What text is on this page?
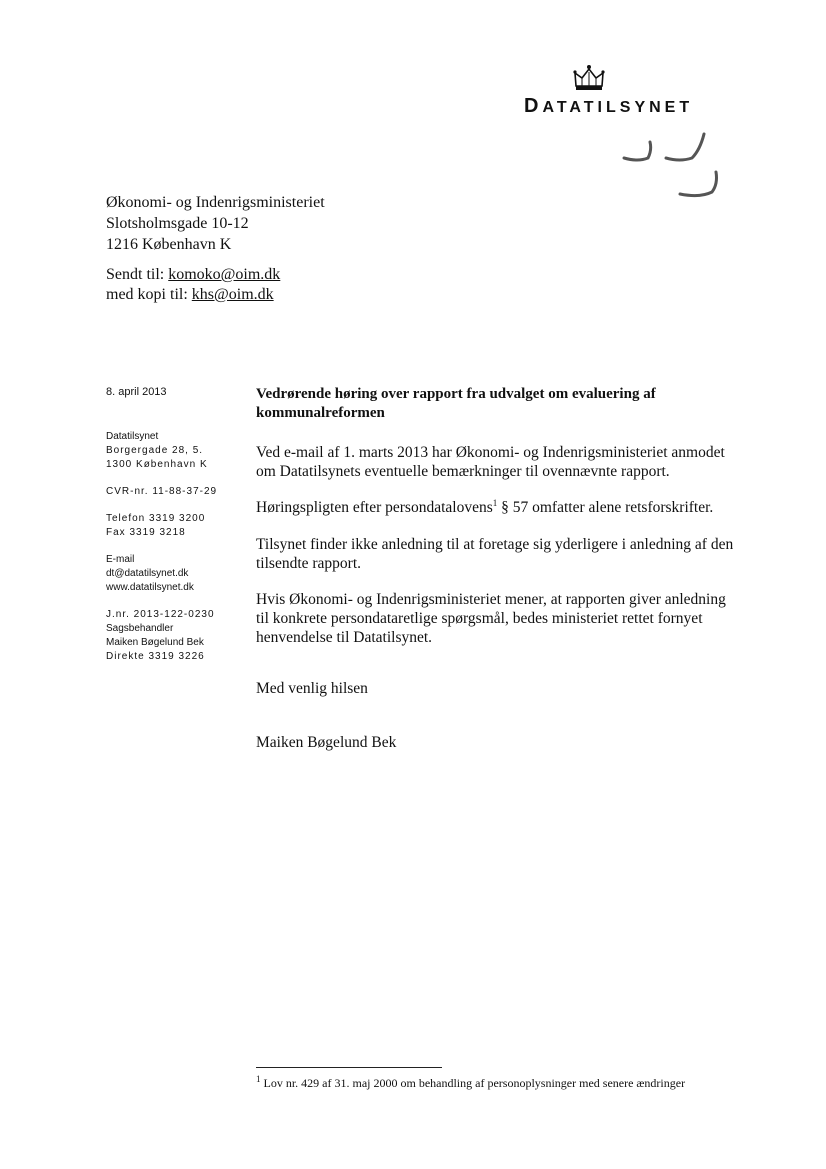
DATATILSYNET
Økonomi- og Indenrigsministeriet
Slotsholmsgade 10-12
1216 København K
Sendt til: komoko@oim.dk
med kopi til: khs@oim.dk
8. april 2013
Datatilsynet
Borgergade 28, 5.
1300 København K
CVR-nr. 11-88-37-29
Telefon 3319 3200
Fax 3319 3218
E-mail
dt@datatilsynet.dk
www.datatilsynet.dk
J.nr. 2013-122-0230
Sagsbehandler
Maiken Bøgelund Bek
Direkte 3319 3226
Vedrørende høring over rapport fra udvalget om evaluering af kommunalreformen
Ved e-mail af 1. marts 2013 har Økonomi- og Indenrigsministeriet anmodet om Datatilsynets eventuelle bemærkninger til ovennævnte rapport.
Høringspligten efter persondatalovens$^1$ § 57 omfatter alene retsforskrifter.
Tilsynet finder ikke anledning til at foretage sig yderligere i anledning af den tilsendte rapport.
Hvis Økonomi- og Indenrigsministeriet mener, at rapporten giver anledning til konkrete persondataretlige spørgsmål, bedes ministeriet rettet fornyet henvendelse til Datatilsynet.
Med venlig hilsen
Maiken Bøgelund Bek
$^1$ Lov nr. 429 af 31. maj 2000 om behandling af personoplysninger med senere ændringer
